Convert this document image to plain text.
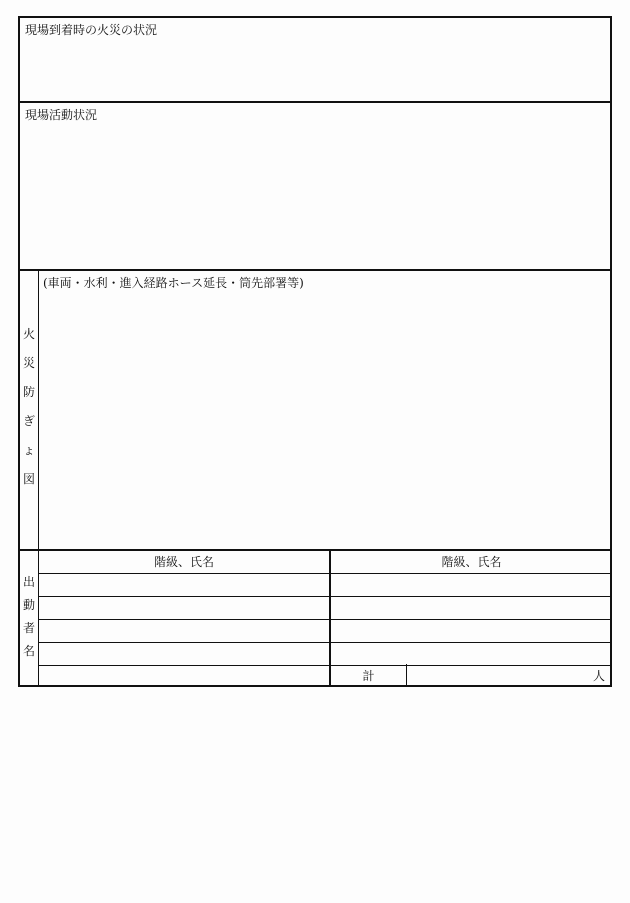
現場到着時の火災の状況
現場活動状況
火
災
防
ぎ
ょ
図
(車両・水利・進入経路ホース延長・筒先部署等)
出
動
者
名
階級、氏名	階級、氏名
計	人
